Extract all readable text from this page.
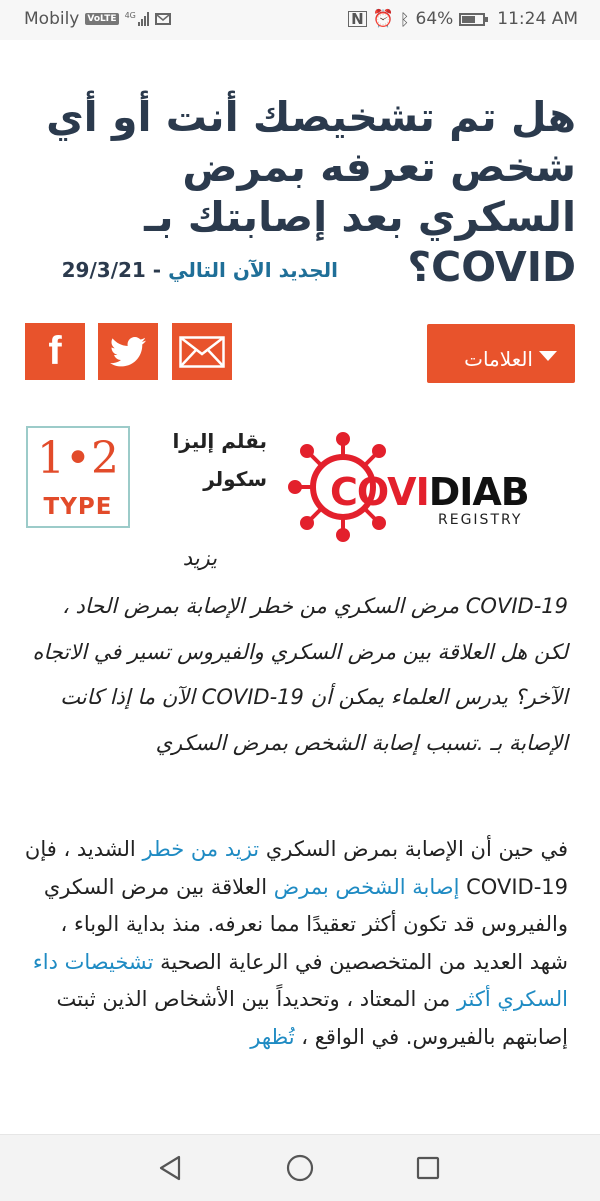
Mobily VoLTE 4G	N ⏰ ᛒ 64%	11:24 AM
هل تم تشخيصك أنت أو أي شخص تعرفه بمرض السكري بعد إصابتك بـ COVID؟
الجديد الآن التالي - 29/3/21
f	العلامات
1•2
TYPE
بقلم إليزا سكولر COVIDIAB
REGISTRY
يزيد
COVID-19 مرض السكري من خطر الإصابة بمرض الحاد ، لكن هل العلاقة بين مرض السكري والفيروس تسير في الاتجاه الآخر؟ يدرس العلماء يمكن أن COVID-19 الآن ما إذا كانت الإصابة بـ .تسبب إصابة الشخص بمرض السكري
في حين أن الإصابة بمرض السكري تزيد من خطر الشديد ، فإن COVID-19 إصابة الشخص بمرض العلاقة بين مرض السكري والفيروس قد تكون أكثر تعقيدًا مما نعرفه. منذ بداية الوباء ، شهد العديد من المتخصصين في الرعاية الصحية تشخيصات داء السكري أكثر من المعتاد ، وتحديداً بين الأشخاص الذين ثبتت إصابتهم بالفيروس. في الواقع ، تُظهر
